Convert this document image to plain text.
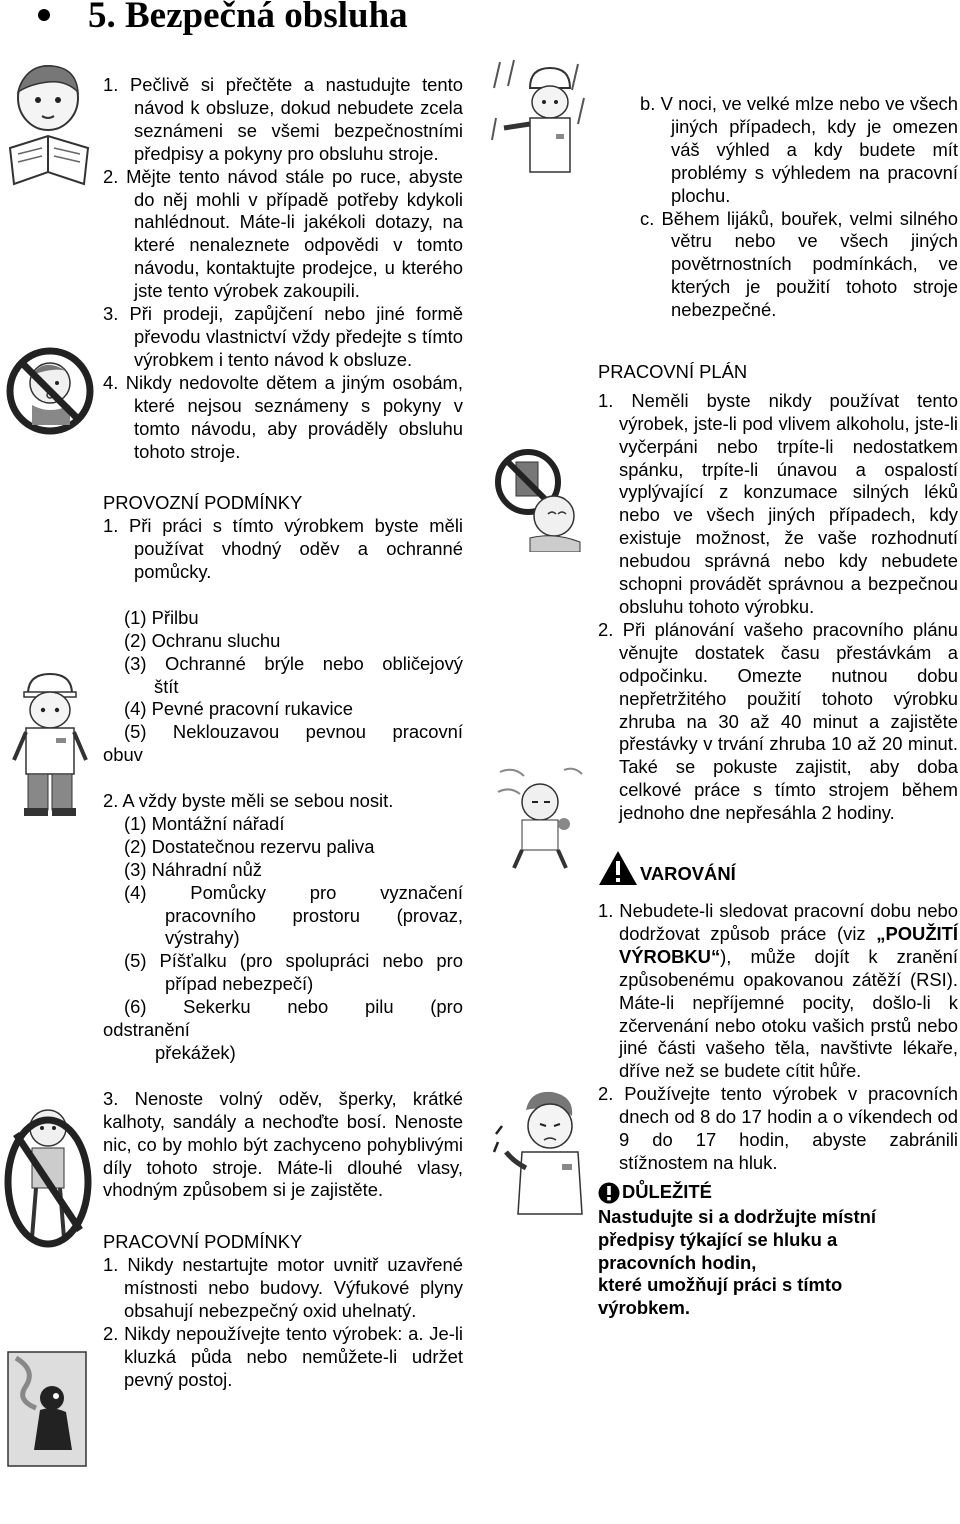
5. Bezpečná obsluha
1. Pečlivě si přečtěte a nastudujte tento návod k obsluze, dokud nebudete zcela seznámeni se všemi bezpečnostními předpisy a pokyny pro obsluhu stroje.
2. Mějte tento návod stále po ruce, abyste do něj mohli v případě potřeby kdykoli nahlédnout. Máte-li jakékoli dotazy, na které nenaleznete odpovědi v tomto návodu, kontaktujte prodejce, u kterého jste tento výrobek zakoupili.
3. Při prodeji, zapůjčení nebo jiné formě převodu vlastnictví vždy předejte s tímto výrobkem i tento návod k obsluze.
4. Nikdy nedovolte dětem a jiným osobám, které nejsou seznámeny s pokyny v tomto návodu, aby prováděly obsluhu tohoto stroje.
PROVOZNÍ PODMÍNKY
1. Při práci s tímto výrobkem byste měli používat vhodný oděv a ochranné pomůcky.
(1) Přilbu
(2) Ochranu sluchu
(3) Ochranné brýle nebo obličejový
štít
(4) Pevné pracovní rukavice
(5) Neklouzavou pevnou pracovní
obuv
2. A vždy byste měli se sebou nosit.
(1) Montážní nářadí
(2) Dostatečnou rezervu paliva
(3) Náhradní nůž
(4) Pomůcky pro vyznačení
pracovního prostoru (provaz,
výstrahy)
(5) Píšťalku (pro spolupráci nebo pro
případ nebezpečí)
(6) Sekerku nebo pilu (pro
odstranění
překážek)
3. Nenoste volný oděv, šperky, krátké kalhoty, sandály a nechoďte bosí. Nenoste nic, co by mohlo být zachyceno pohyblivými díly tohoto stroje. Máte-li dlouhé vlasy, vhodným způsobem si je zajistěte.
PRACOVNÍ PODMÍNKY
1. Nikdy nestartujte motor uvnitř uzavřené místnosti nebo budovy. Výfukové plyny obsahují nebezpečný oxid uhelnatý.
2. Nikdy nepoužívejte tento výrobek: a. Je-li kluzká půda nebo nemůžete-li udržet pevný postoj.
b. V noci, ve velké mlze nebo ve všech jiných případech, kdy je omezen váš výhled a kdy budete mít problémy s výhledem na pracovní plochu.
c. Během lijáků, bouřek, velmi silného větru nebo ve všech jiných povětrnostních podmínkách, ve kterých je použití tohoto stroje nebezpečné.
PRACOVNÍ PLÁN
1. Neměli byste nikdy používat tento výrobek, jste-li pod vlivem alkoholu, jste-li vyčerpáni nebo trpíte-li nedostatkem spánku, trpíte-li únavou a ospalostí vyplývající z konzumace silných léků nebo ve všech jiných případech, kdy existuje možnost, že vaše rozhodnutí nebudou správná nebo kdy nebudete schopni provádět správnou a bezpečnou obsluhu tohoto výrobku.
2. Při plánování vašeho pracovního plánu věnujte dostatek času přestávkám a odpočinku. Omezte nutnou dobu nepřetržitého použití tohoto výrobku zhruba na 30 až 40 minut a zajistěte přestávky v trvání zhruba 10 až 20 minut. Také se pokuste zajistit, aby doba celkové práce s tímto strojem během jednoho dne nepřesáhla 2 hodiny.
VAROVÁNÍ
1. Nebudete-li sledovat pracovní dobu nebo dodržovat způsob práce (viz „POUŽITÍ VÝROBKU“), může dojít k zranění způsobenému opakovanou zátěží (RSI). Máte-li nepříjemné pocity, došlo-li k zčervenání nebo otoku vašich prstů nebo jiné části vašeho těla, navštivte lékaře, dříve než se budete cítit hůře.
2. Používejte tento výrobek v pracovních dnech od 8 do 17 hodin a o víkendech od 9 do 17 hodin, abyste zabránili stížnostem na hluk.
DŮLEŽITÉ
Nastudujte si a dodržujte místní
předpisy týkající se hluku a
pracovních hodin,
které umožňují práci s tímto
výrobkem.
